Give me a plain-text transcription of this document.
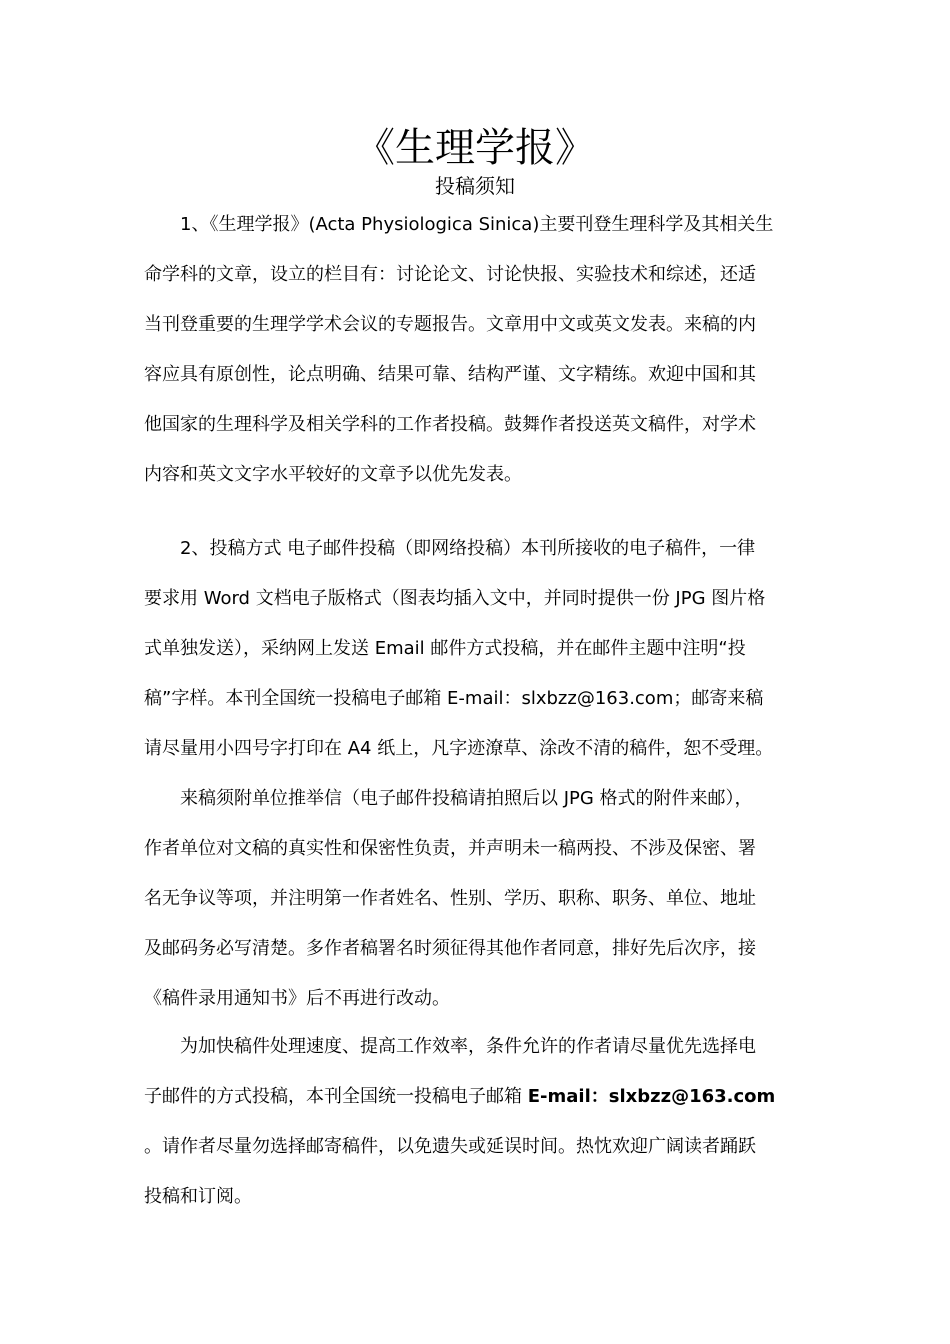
《生理学报》
投稿须知
1、《生理学报》(Acta Physiologica Sinica)主要刊登生理科学及其相关生
命学科的文章，设立的栏目有：讨论论文、讨论快报、实验技术和综述，还适
当刊登重要的生理学学术会议的专题报告。文章用中文或英文发表。来稿的内
容应具有原创性，论点明确、结果可靠、结构严谨、文字精练。欢迎中国和其
他国家的生理科学及相关学科的工作者投稿。鼓舞作者投送英文稿件，对学术
内容和英文文字水平较好的文章予以优先发表。
2、投稿方式 电子邮件投稿（即网络投稿）本刊所接收的电子稿件，一律
要求用 Word 文档电子版格式（图表均插入文中，并同时提供一份 JPG 图片格
式单独发送），采纳网上发送 Email 邮件方式投稿，并在邮件主题中注明“投
稿”字样。本刊全国统一投稿电子邮箱 E-mail：slxbzz@163.com；邮寄来稿
请尽量用小四号字打印在 A4 纸上，凡字迹潦草、涂改不清的稿件，恕不受理。
来稿须附单位推举信（电子邮件投稿请拍照后以 JPG 格式的附件来邮），
作者单位对文稿的真实性和保密性负责，并声明未一稿两投、不涉及保密、署
名无争议等项，并注明第一作者姓名、性别、学历、职称、职务、单位、地址
及邮码务必写清楚。多作者稿署名时须征得其他作者同意，排好先后次序，接
《稿件录用通知书》后不再进行改动。
为加快稿件处理速度、提高工作效率，条件允许的作者请尽量优先选择电
子邮件的方式投稿，本刊全国统一投稿电子邮箱 E-mail：slxbzz@163.com
。请作者尽量勿选择邮寄稿件，以免遗失或延误时间。热忱欢迎广阔读者踊跃
投稿和订阅。
